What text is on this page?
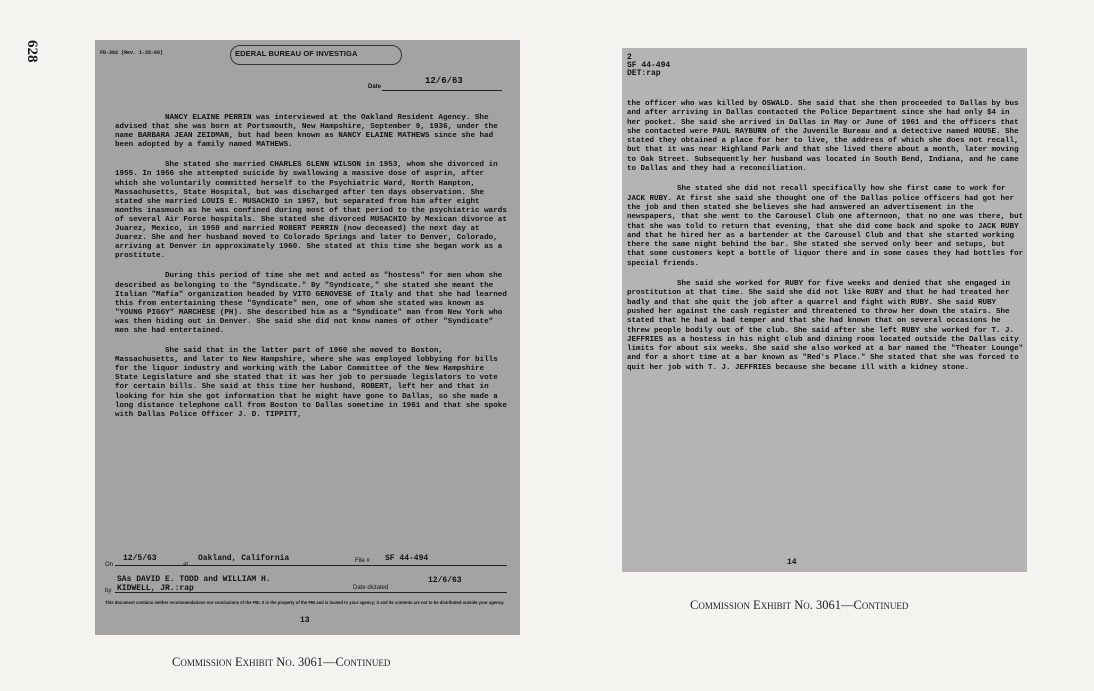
628	FD-302 (Rev. 1-25-60)	EDERAL BUREAU OF INVESTIGA
Date
12/6/63

NANCY ELAINE PERRIN was interviewed at the Oakland Resident Agency. She advised that she was born at Portsmouth, New Hampshire, September 9, 1936, under the name BARBARA JEAN ZEIDMAN, but had been known as NANCY ELAINE MATHEWS since she had been adopted by a family named MATHEWS.

She stated she married CHARLES GLENN WILSON in 1953, whom she divorced in 1955. In 1956 she attempted suicide by swallowing a massive dose of asprin, after which she voluntarily committed herself to the Psychiatric Ward, North Hampton, Massachusetts, State Hospital, but was discharged after ten days observation. She stated she married LOUIS E. MUSACHIO in 1957, but separated from him after eight months inasmuch as he was confined during most of that period to the psychiatric wards of several Air Force hospitals. She stated she divorced MUSACHIO by Mexican divorce at Juarez, Mexico, in 1959 and married ROBERT PERRIN (now deceased) the next day at Juarez. She and her husband moved to Colorado Springs and later to Denver, Colorado, arriving at Denver in approximately 1960. She stated at this time she began work as a prostitute.

During this period of time she met and acted as "hostess" for men whom she described as belonging to the "Syndicate." By "Syndicate," she stated she meant the Italian "Mafia" organization headed by VITO GENOVESE of Italy and that she had learned this from entertaining these "Syndicate" men, one of whom she stated was known as "YOUNG PIGGY" MARCHESE (PH). She described him as a "Syndicate" man from New York who was then hiding out in Denver. She said she did not know names of other "Syndicate" men she had entertained.

She said that in the latter part of 1960 she moved to Boston, Massachusetts, and later to New Hampshire, where she was employed lobbying for bills for the liquor industry and working with the Labor Committee of the New Hampshire State Legislature and she stated that it was her job to persuade legislators to vote for certain bills. She said at this time her husband, ROBERT, left her and that in looking for him she got information that he might have gone to Dallas, so she made a long distance telephone call from Boston to Dallas sometime in 1961 and that she spoke with Dallas Police Officer J. D. TIPPITT,

On
12/5/63
at
Oakland, California	File # SF 44-494
SAs DAVID E. TODD and WILLIAM H.
KIDWELL, JR.:rap
by	Date dictated
12/6/63
This document contains neither recommendations nor conclusions of the FBI. It is the property of the FBI and is loaned to your agency; it and its contents are not to be distributed outside your agency.
13
2
SF 44-494
DET:rap

the officer who was killed by OSWALD. She said that she then proceeded to Dallas by bus and after arriving in Dallas contacted the Police Department since she had only $4 in her pocket. She said she arrived in Dallas in May or June of 1961 and the officers that she contacted were PAUL RAYBURN of the Juvenile Bureau and a detective named HOUSE. She stated they obtained a place for her to live, the address of which she does not recall, but that it was near Highland Park and that she lived there about a month, later moving to Oak Street. Subsequently her husband was located in South Bend, Indiana, and he came to Dallas and they had a reconciliation.

She stated she did not recall specifically how she first came to work for JACK RUBY. At first she said she thought one of the Dallas police officers had got her the job and then stated she believes she had answered an advertisement in the newspapers, that she went to the Carousel Club one afternoon, that no one was there, but that she was told to return that evening, that she did come back and spoke to JACK RUBY and that he hired her as a bartender at the Carousel Club and that she started working there the same night behind the bar. She stated she served only beer and setups, but that some customers kept a bottle of liquor there and in some cases they had bottles for special friends.

She said she worked for RUBY for five weeks and denied that she engaged in prostitution at that time. She said she did not like RUBY and that he had treated her badly and that she quit the job after a quarrel and fight with RUBY. She said RUBY pushed her against the cash register and threatened to throw her down the stairs. She stated that he had a bad temper and that she had known that on several occasions he threw people bodily out of the club. She said after she left RUBY she worked for T. J. JEFFRIES as a hostess in his night club and dining room located outside the Dallas city limits for about six weeks. She said she also worked at a bar named the "Theater Lounge" and for a short time at a bar known as "Red's Place." She stated that she was forced to quit her job with T. J. JEFFRIES because she became ill with a kidney stone.

14
Commission Exhibit No. 3061—Continued
Commission Exhibit No. 3061—Continued
